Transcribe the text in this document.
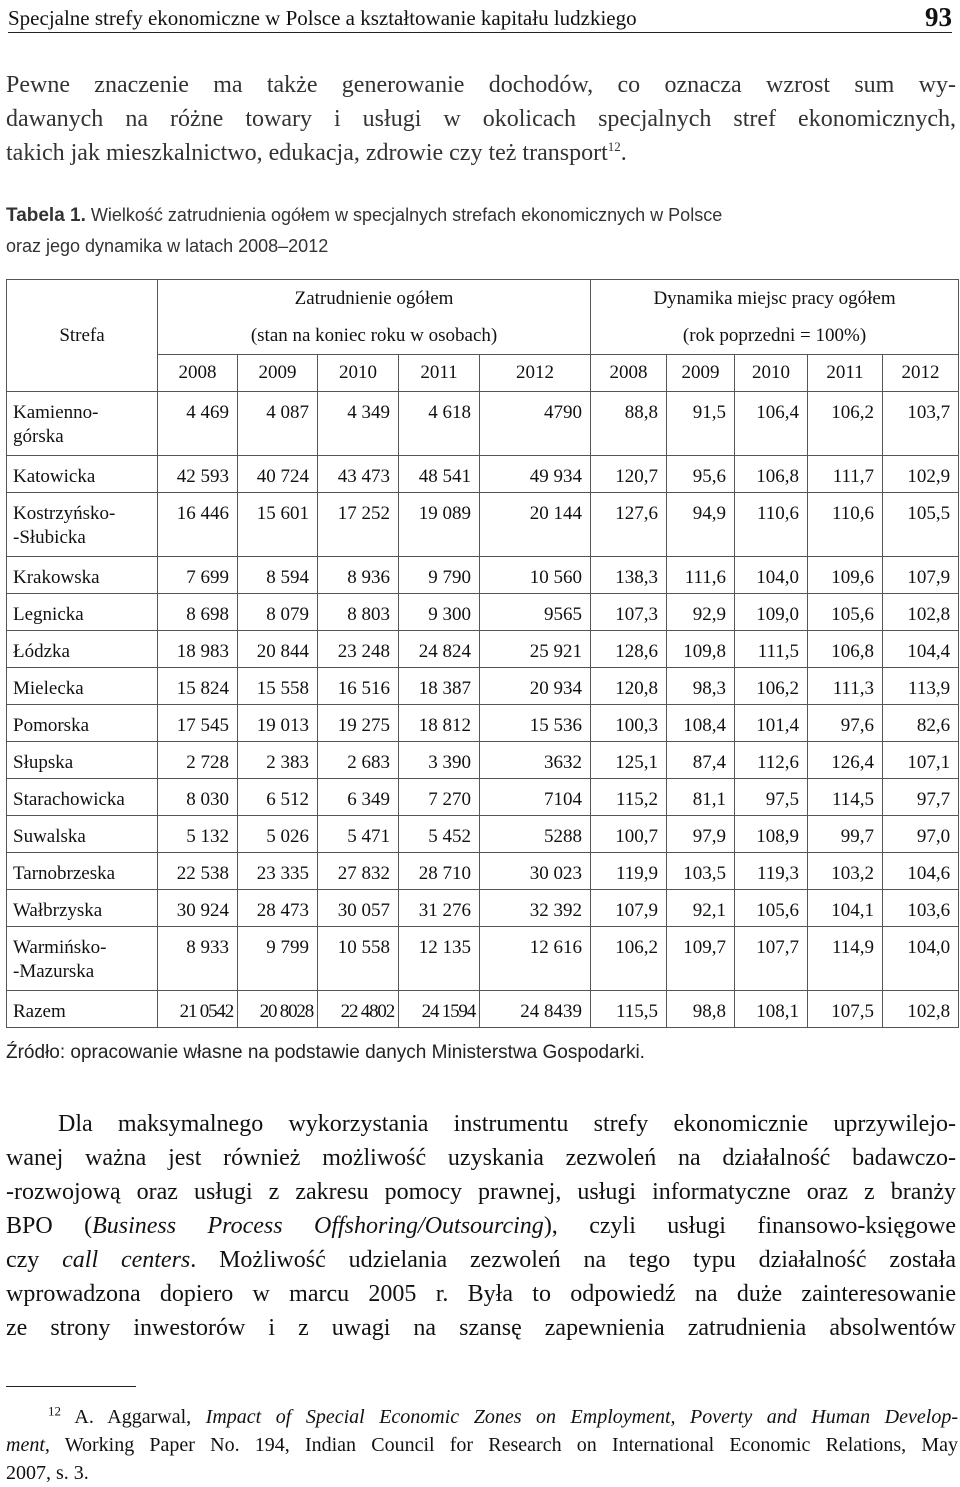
Specjalne strefy ekonomiczne w Polsce a kształtowanie kapitału ludzkiego	93
Pewne znaczenie ma także generowanie dochodów, co oznacza wzrost sum wy-
dawanych na różne towary i usługi w okolicach specjalnych stref ekonomicznych,
takich jak mieszkalnictwo, edukacja, zdrowie czy też transport$^{12}$.
Tabela 1. Wielkość zatrudnienia ogółem w specjalnych strefach ekonomicznych w Polsce
oraz jego dynamika w latach 2008–2012
Strefa	Zatrudnienie ogółem					Dynamika miejsc pracy ogółem				
	(stan na koniec roku w osobach)					(rok poprzedni = 100%)				
	2008	2009	2010	2011	2012	2008	2009	2010	2011	2012

Kamienno-
górska	4 469	4 087	4 349	4 618	4790	88,8	91,5	106,4	106,2	103,7

Katowicka	42 593	40 724	43 473	48 541	49 934	120,7	95,6	106,8	111,7	102,9

Kostrzyńsko-
-Słubicka	16 446	15 601	17 252	19 089	20 144	127,6	94,9	110,6	110,6	105,5

Krakowska	7 699	8 594	8 936	9 790	10 560	138,3	111,6	104,0	109,6	107,9

Legnicka	8 698	8 079	8 803	9 300	9565	107,3	92,9	109,0	105,6	102,8

Łódzka	18 983	20 844	23 248	24 824	25 921	128,6	109,8	111,5	106,8	104,4

Mielecka	15 824	15 558	16 516	18 387	20 934	120,8	98,3	106,2	111,3	113,9

Pomorska	17 545	19 013	19 275	18 812	15 536	100,3	108,4	101,4	97,6	82,6

Słupska	2 728	2 383	2 683	3 390	3632	125,1	87,4	112,6	126,4	107,1

Starachowicka	8 030	6 512	6 349	7 270	7104	115,2	81,1	97,5	114,5	97,7

Suwalska	5 132	5 026	5 471	5 452	5288	100,7	97,9	108,9	99,7	97,0

Tarnobrzeska	22 538	23 335	27 832	28 710	30 023	119,9	103,5	119,3	103,2	104,6

Wałbrzyska	30 924	28 473	30 057	31 276	32 392	107,9	92,1	105,6	104,1	103,6

Warmińsko-
-Mazurska	8 933	9 799	10 558	12 135	12 616	106,2	109,7	107,7	114,9	104,0

Razem	21 0542	20 8028	22 4802	24 1594	24 8439	115,5	98,8	108,1	107,5	102,8
Źródło: opracowanie własne na podstawie danych Ministerstwa Gospodarki.
Dla maksymalnego wykorzystania instrumentu strefy ekonomicznie uprzywilejo-
wanej ważna jest również możliwość uzyskania zezwoleń na działalność badawczo-
-rozwojową oraz usługi z zakresu pomocy prawnej, usługi informatyczne oraz z branży
BPO (Business Process Offshoring/Outsourcing), czyli usługi finansowo-księgowe
czy call centers. Możliwość udzielania zezwoleń na tego typu działalność została
wprowadzona dopiero w marcu 2005 r. Była to odpowiedź na duże zainteresowanie
ze strony inwestorów i z uwagi na szansę zapewnienia zatrudnienia absolwentów
$^{12}$ A. Aggarwal, Impact of Special Economic Zones on Employment, Poverty and Human Develop-
ment, Working Paper No. 194, Indian Council for Research on International Economic Relations, May
2007, s. 3.
